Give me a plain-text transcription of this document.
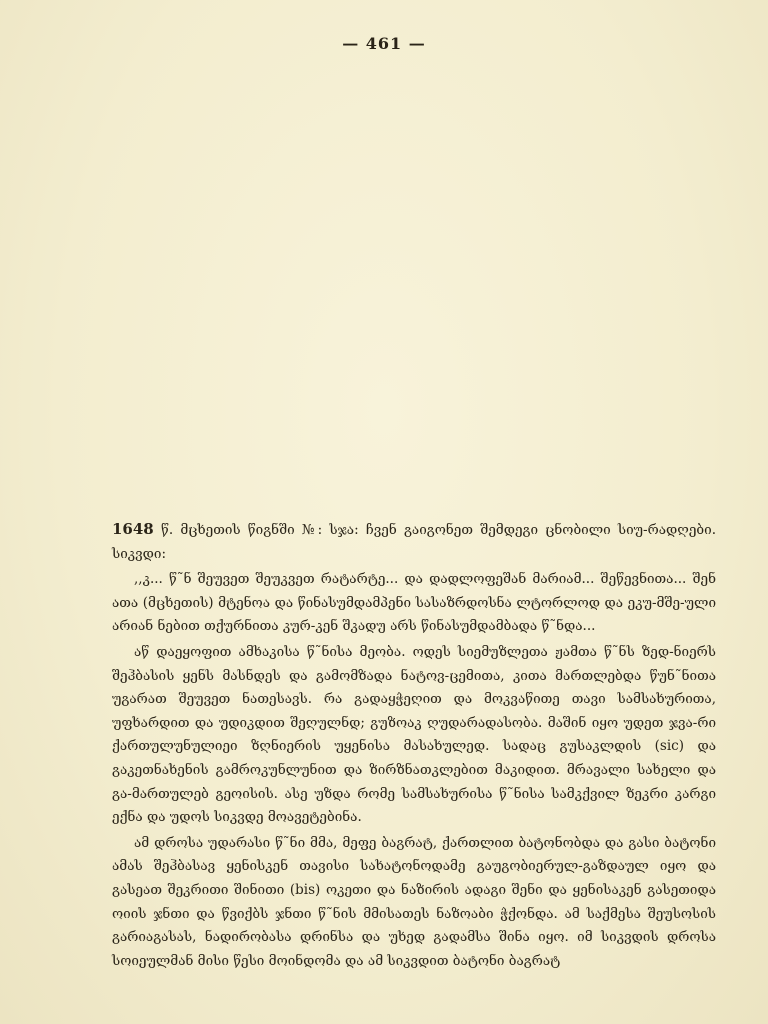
— 461 —

1648 წ. მცხეთის წიგნში №: სჯა: ჩვენ გაიგონეთ შემდეგი ცნობილი სიუ-რადღები. სიკვდი:

,,კ... წ˜ნ შეუვეთ შეუკვეთ რატარტე... და დადლოფეშან მარიამ... შეწევნითა... შენ ათა (მცხეთის) მტენოა და წინასუმდამპენი სასაზრდოსნა ლტორლოდ და ეკუ-მშე-ული არიან ნებით თქურნითა კურ-კენ შკადუ არს წინასუმდამბადა წ˜ნდა...

აწ დაეყოფით ამხაკისა წ˜ნისა მეობა. ოდეს სიემუზლეთა ჟამთა წ˜ნს ზედ-ნიერს შეჰბასის ყენს მასნდეს და გამომზადა ნატოვ-ცემითა, კითა მართლებდა წუნ˜ნითა უგარათ შეუვეთ ნათესავს. რა გადაყჭეღით და მოკვაწითე თავი სამსახურითა, უფხარდით და უდიკდით შეღულნდ; გუზოაკ ღუდარადასობა. მაშინ იყო უდეთ ჯვა-რი ქართულუნულიეი ზღნიერის უყენისა მასახულედ. სადაც გუსაკლდის (sic) და გაკეთნახენის გამროკუნლუნით და ზირზნათკლებით მაკიდით. მრავალი სახელი და გა-მართულებ გეოისის. ასე უზდა რომე სამსახურისა წ˜ნისა სამკქვილ ზეკრი კარგი ექნა და უდოს სიკვდე მოავეტებინა.

ამ დროსა უდარასი წ˜ნი მმა, მეფე ბაგრატ, ქართლით ბატონობდა და გასი ბატონი ამას შეჰბასავ ყენისკენ თავისი სახატონოდამე გაუგობიერულ-გაზდაულ იყო და გასეათ შეკრითი შინითი (bis) ოკეთი და ნაზირის ადაგი შენი და ყენისაკენ გასეთიდა ოიის ჯნთი და წვიქბს ჯნთი წ˜ნის მმისათეს ნაზოაბი ჭქონდა. ამ საქმესა შეუსოსის გარიაგასას, ნადირობასა დრინსა და უხედ გადამსა შინა იყო. იმ სიკვდის დროსა სოიეულმან მისი წესი მოინდომა და ამ სიკვდით ბატონი ბაგრატ
